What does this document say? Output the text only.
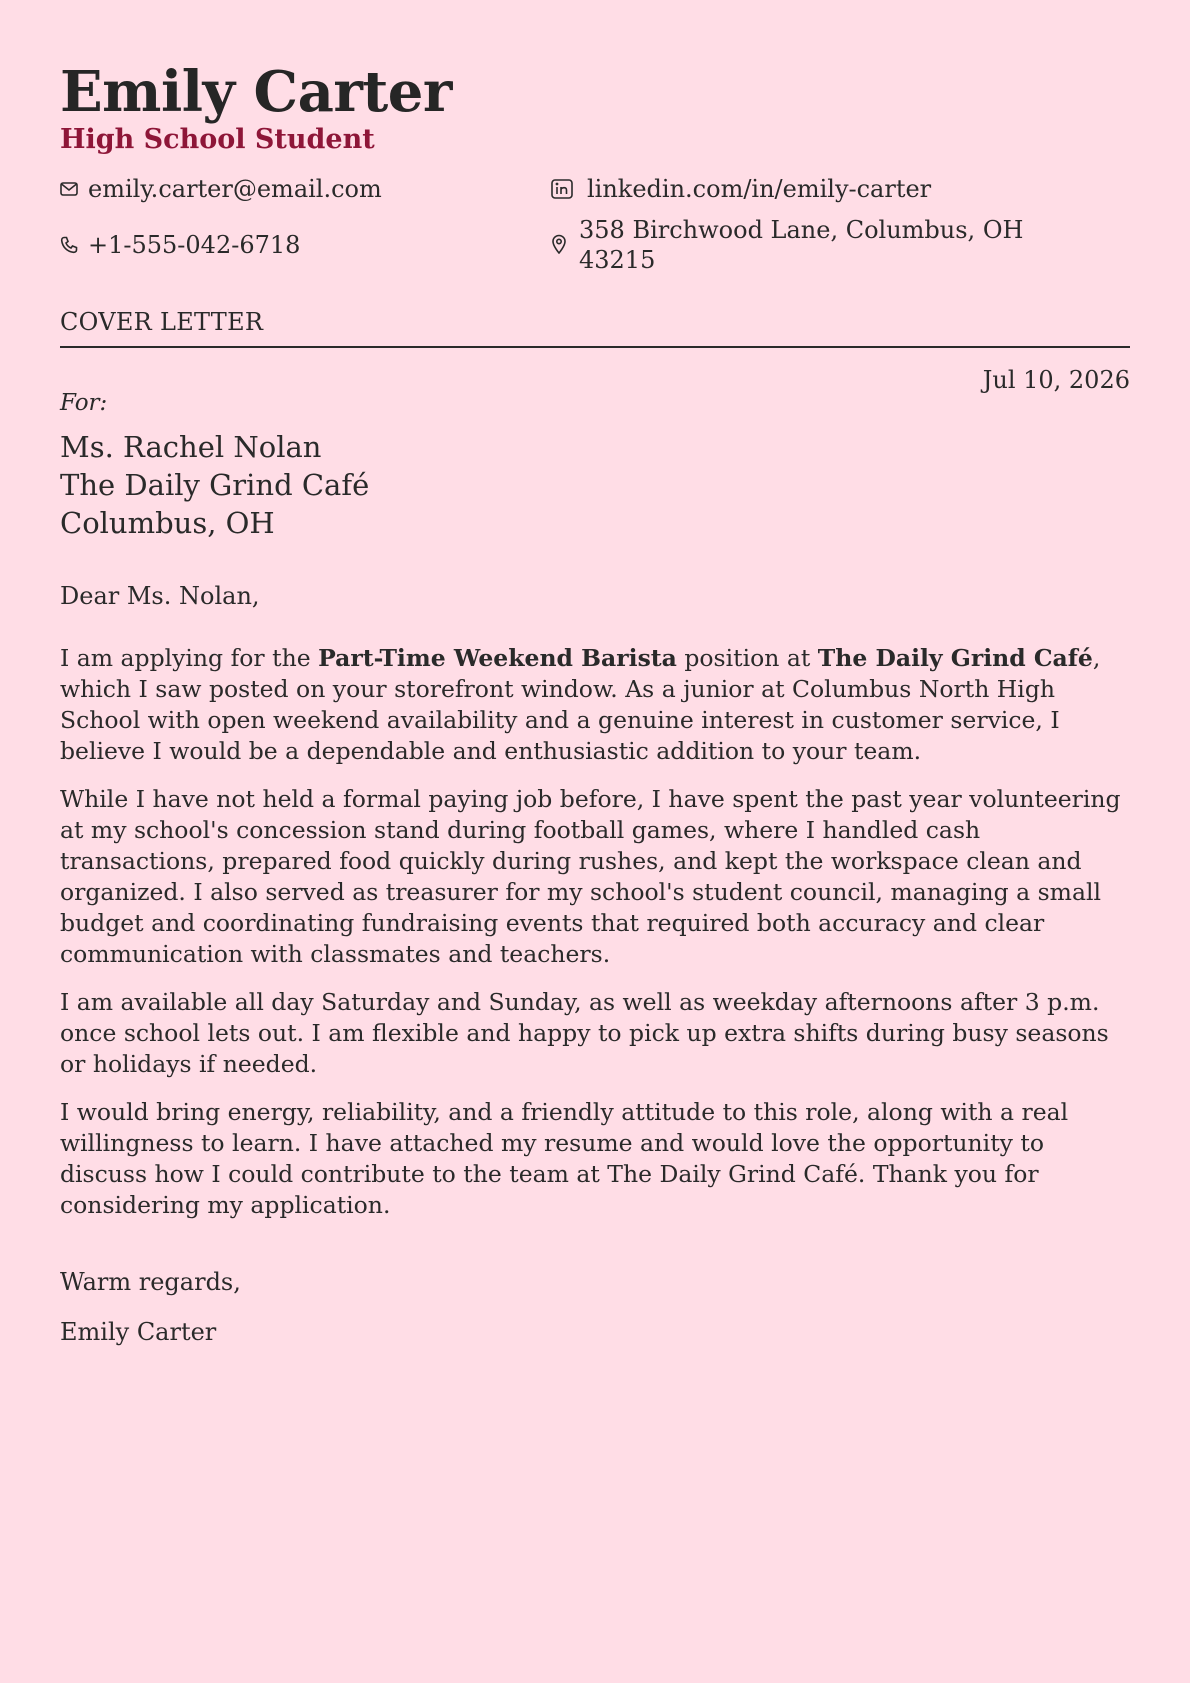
Emily Carter
High School Student
emily.carter@email.com
+1-555-042-6718
linkedin.com/in/emily-carter
358 Birchwood Lane, Columbus, OH
43215
COVER LETTER
Jul 10, 2026
For:
Ms. Rachel Nolan
The Daily Grind Café
Columbus, OH
Dear Ms. Nolan,

I am applying for the Part-Time Weekend Barista position at The Daily Grind Café, which I saw posted on your storefront window. As a junior at Columbus North High School with open weekend availability and a genuine interest in customer service, I believe I would be a dependable and enthusiastic addition to your team.

While I have not held a formal paying job before, I have spent the past year volunteering at my school's concession stand during football games, where I handled cash transactions, prepared food quickly during rushes, and kept the workspace clean and organized. I also served as treasurer for my school's student council, managing a small budget and coordinating fundraising events that required both accuracy and clear communication with classmates and teachers.

I am available all day Saturday and Sunday, as well as weekday afternoons after 3 p.m. once school lets out. I am flexible and happy to pick up extra shifts during busy seasons or holidays if needed.

I would bring energy, reliability, and a friendly attitude to this role, along with a real willingness to learn. I have attached my resume and would love the opportunity to discuss how I could contribute to the team at The Daily Grind Café. Thank you for considering my application.

Warm regards,
Emily Carter
